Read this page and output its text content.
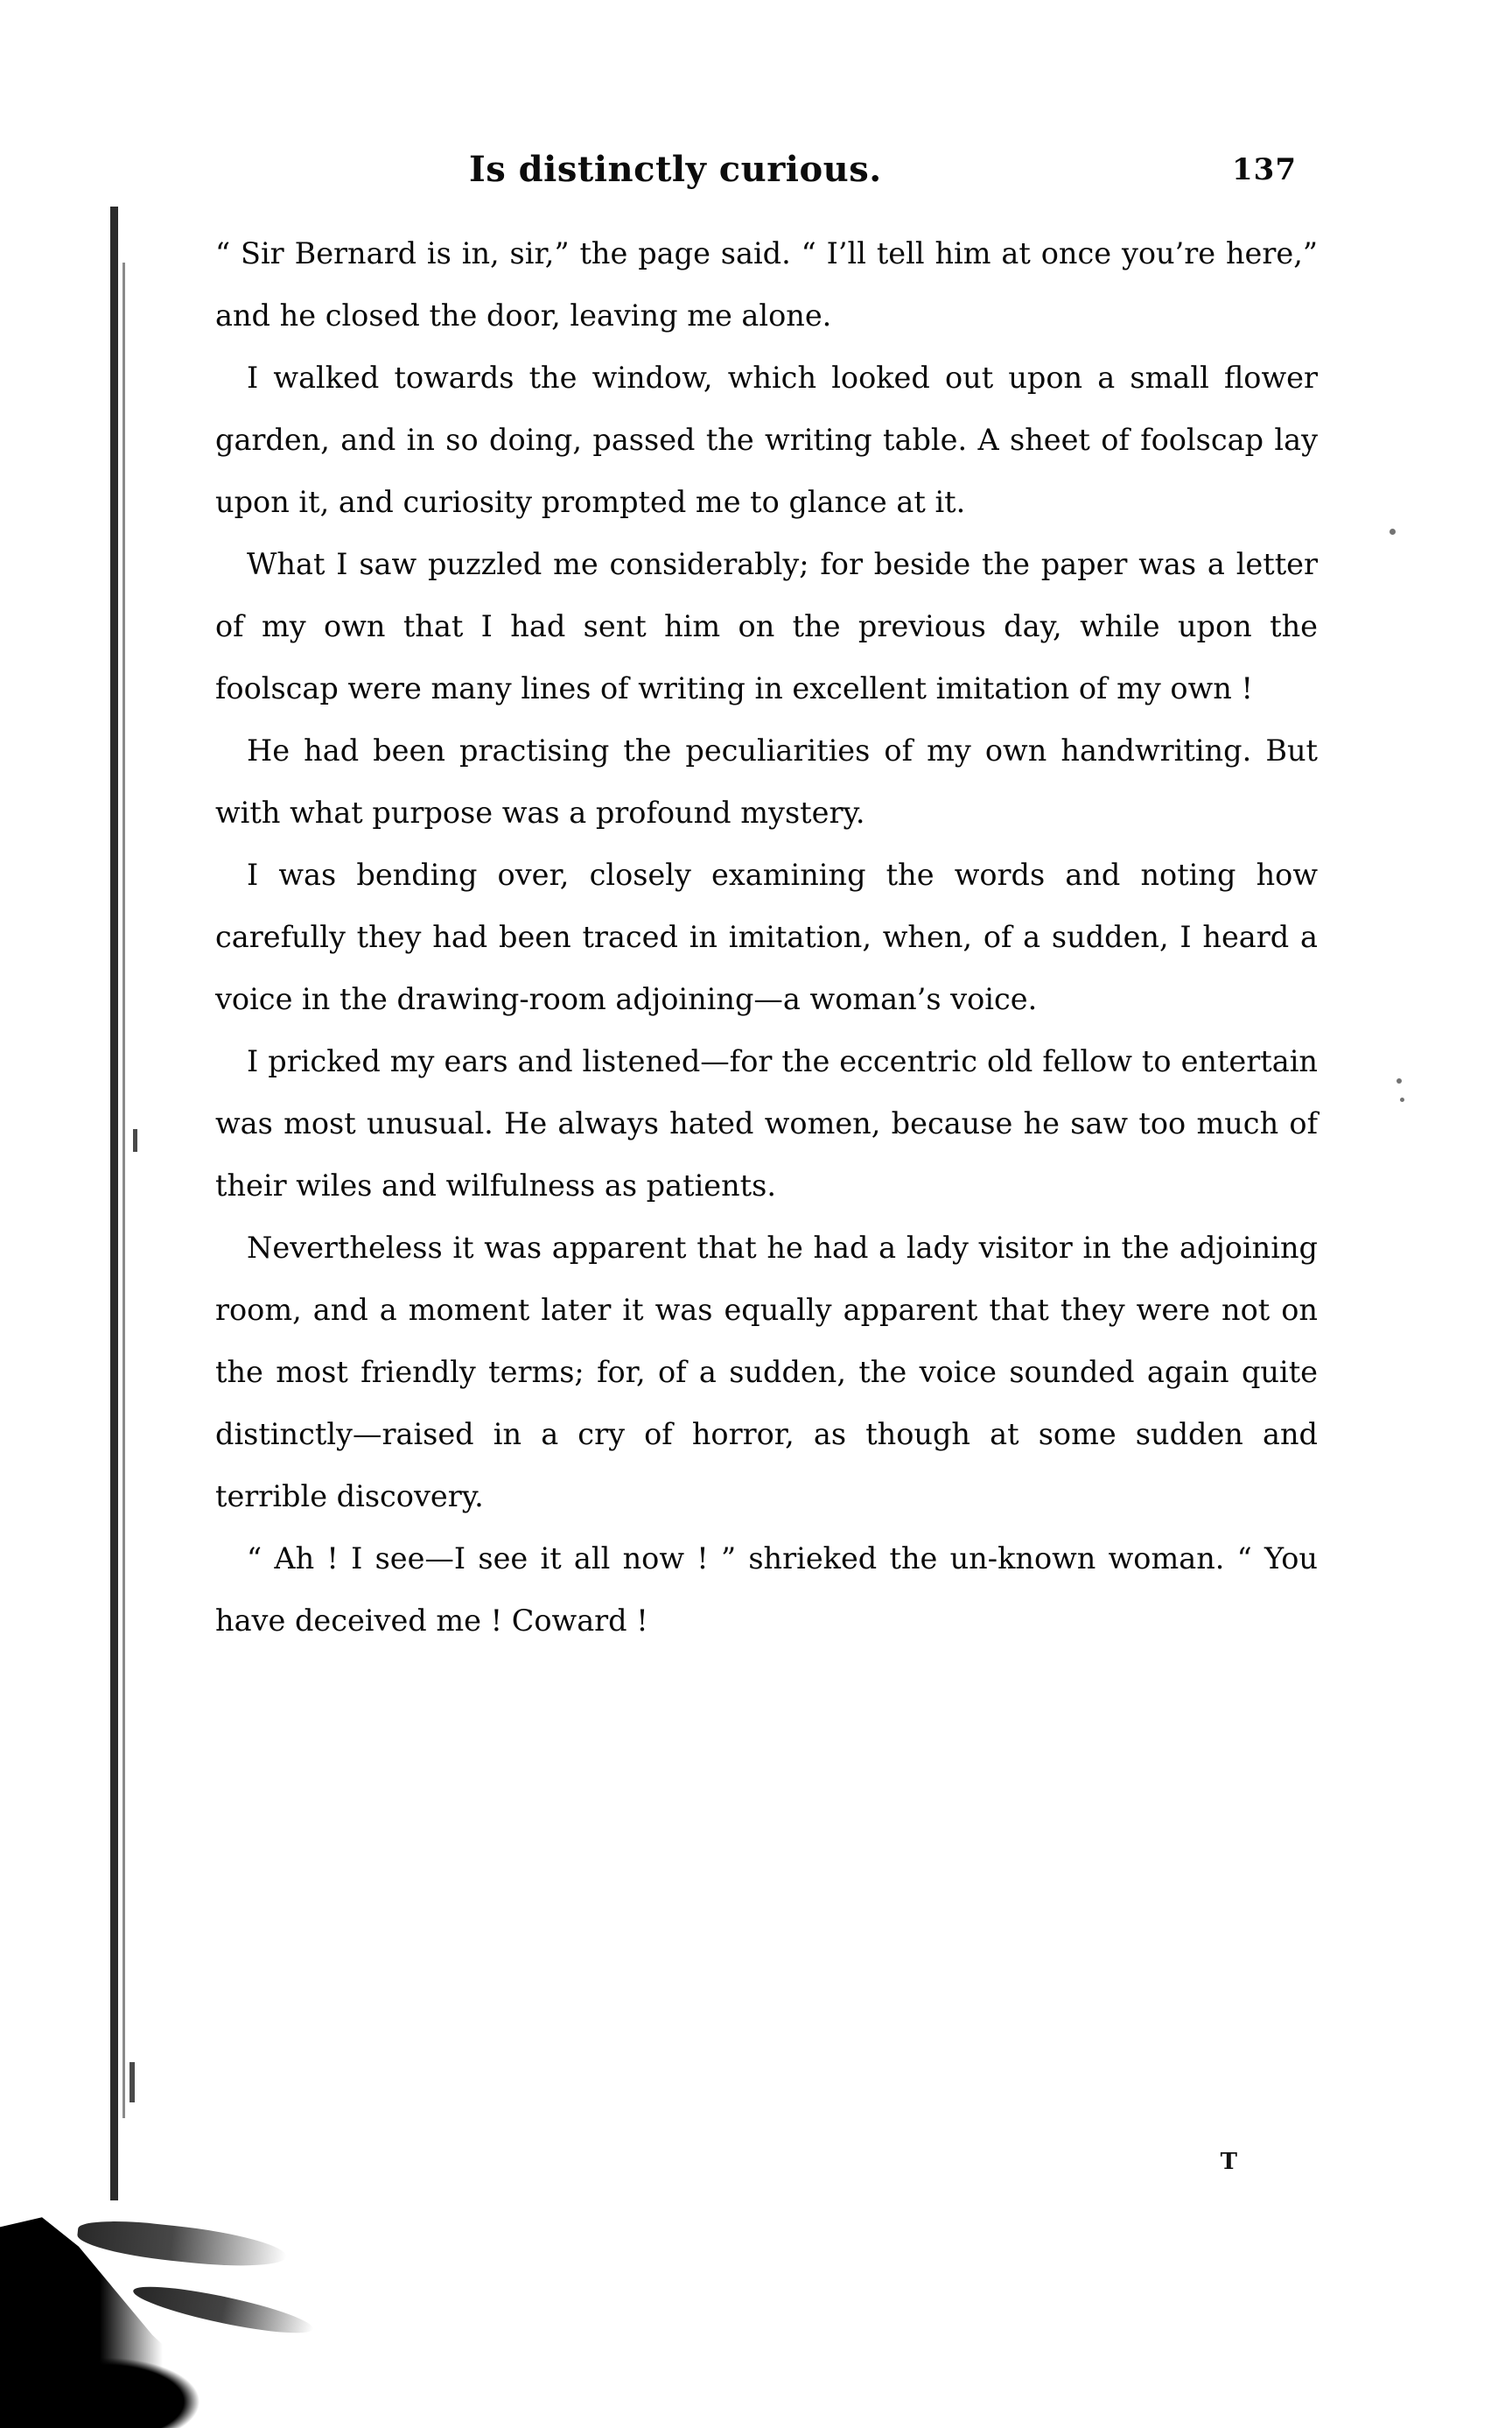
Is distinctly curious.	137

“ Sir Bernard is in, sir,” the page said. “ I’ll tell him at once you’re here,” and he closed the door, leaving me alone.

I walked towards the window, which looked out upon a small flower garden, and in so doing, passed the writing table. A sheet of foolscap lay upon it, and curiosity prompted me to glance at it.

What I saw puzzled me considerably; for beside the paper was a letter of my own that I had sent him on the previous day, while upon the foolscap were many lines of writing in excellent imitation of my own !

He had been practising the peculiarities of my own handwriting. But with what purpose was a profound mystery.

I was bending over, closely examining the words and noting how carefully they had been traced in imitation, when, of a sudden, I heard a voice in the drawing-room adjoining—a woman’s voice.

I pricked my ears and listened—for the eccentric old fellow to entertain was most unusual. He always hated women, because he saw too much of their wiles and wilfulness as patients.

Nevertheless it was apparent that he had a lady visitor in the adjoining room, and a moment later it was equally apparent that they were not on the most friendly terms; for, of a sudden, the voice sounded again quite distinctly—raised in a cry of horror, as though at some sudden and terrible discovery.

“ Ah ! I see—I see it all now ! ” shrieked the un-known woman. “ You have deceived me ! Coward !

T
